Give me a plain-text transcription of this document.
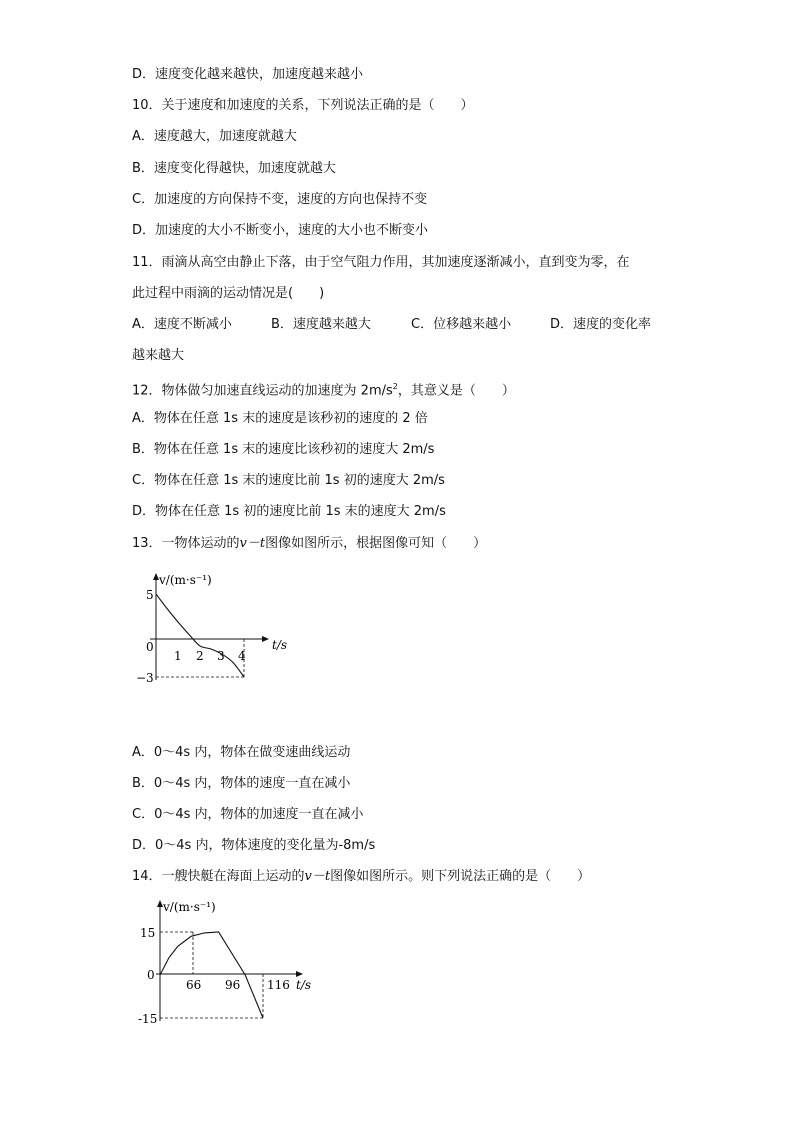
D．速度变化越来越快，加速度越来越小
10．关于速度和加速度的关系，下列说法正确的是（　　）
A．速度越大，加速度就越大
B．速度变化得越快，加速度就越大
C．加速度的方向保持不变，速度的方向也保持不变
D．加速度的大小不断变小，速度的大小也不断变小
11．雨滴从高空由静止下落，由于空气阻力作用，其加速度逐渐减小，直到变为零，在
此过程中雨滴的运动情况是(　　)
A．速度不断减小	B．速度越来越大	C．位移越来越小	D．速度的变化率
越来越大
12．物体做匀加速直线运动的加速度为 $2m/s^2$，其意义是（　　）
A．物体在任意 1s 末的速度是该秒初的速度的 2 倍
B．物体在任意 1s 末的速度比该秒初的速度大 2m/s
C．物体在任意 1s 末的速度比前 1s 初的速度大 2m/s
D．物体在任意 1s 初的速度比前 1s 末的速度大 2m/s
13．一物体运动的v－t图像如图所示，根据图像可知（　　）
v/(m·s⁻¹)
t/s
5
0
−3
1 2 3 4
A．0～4s 内，物体在做变速曲线运动
B．0～4s 内，物体的速度一直在减小
C．0～4s 内，物体的加速度一直在减小
D．0～4s 内，物体速度的变化量为-8m/s
14．一艘快艇在海面上运动的v－t图像如图所示。则下列说法正确的是（　　）
v/(m·s⁻¹)
t/s
15
0
-15
66 96 116
